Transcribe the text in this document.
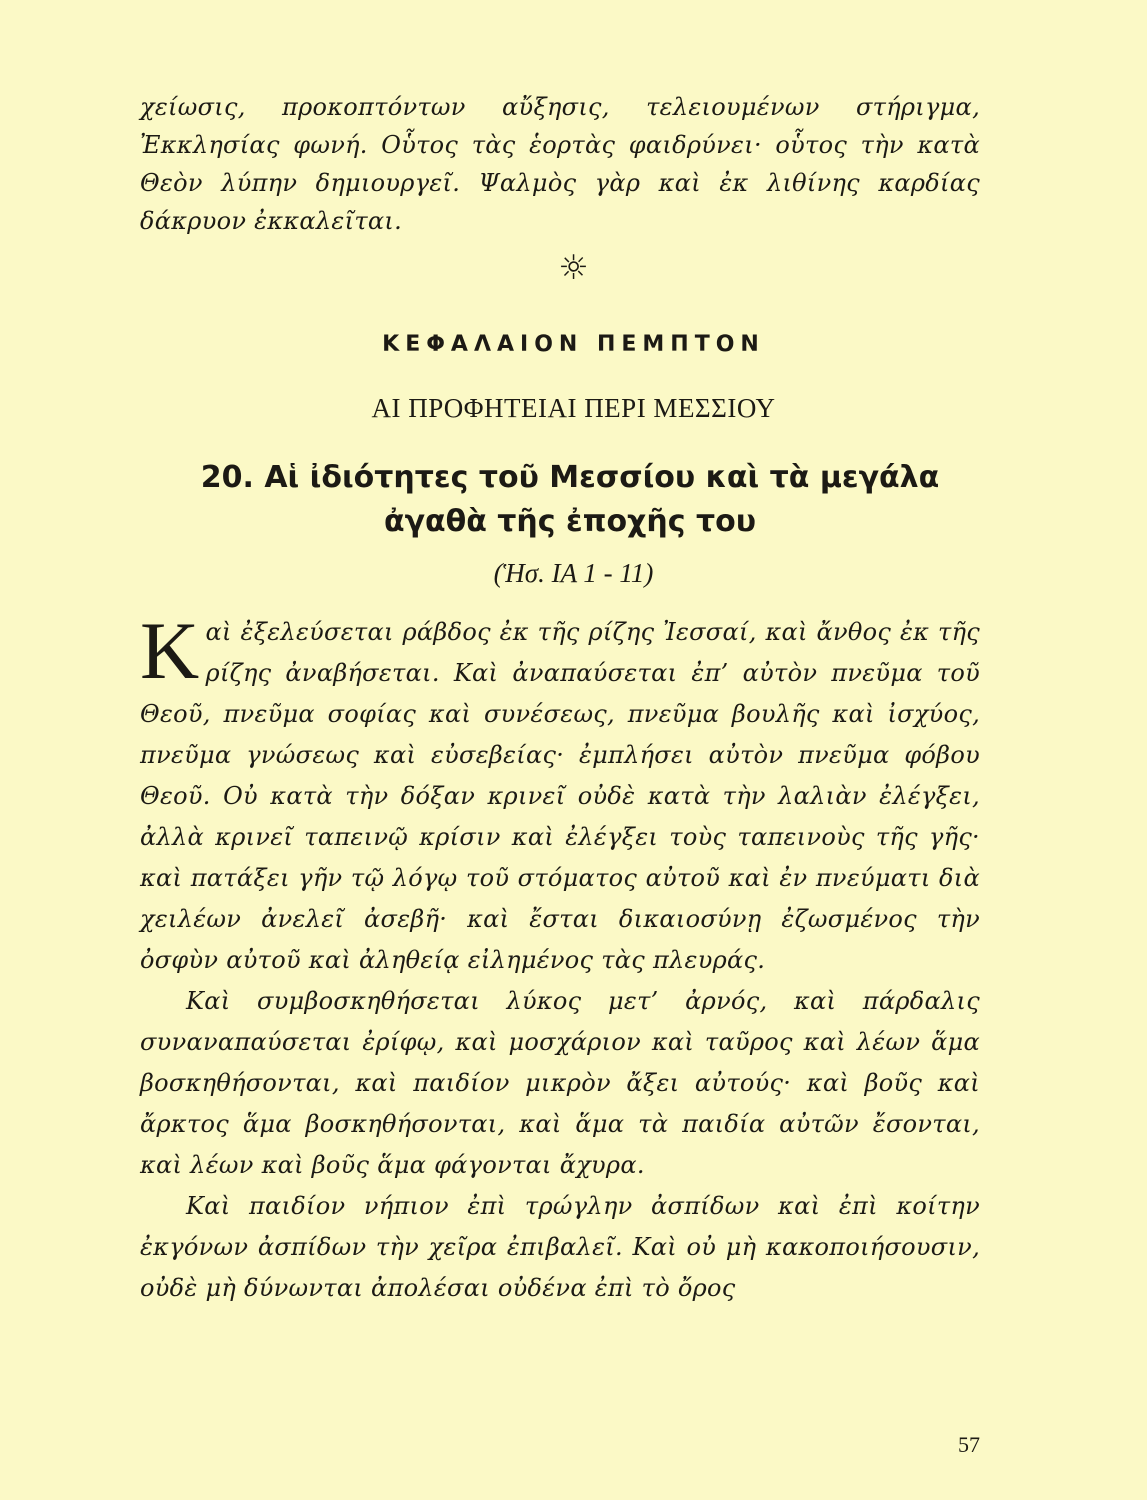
χείωσις, προκοπτόντων αὔξησις, τελειουμένων στήριγμα, Ἐκκλησίας φωνή. Οὗτος τὰς ἑορτὰς φαιδρύνει· οὗτος τὴν κατὰ Θεὸν λύπην δημιουργεῖ. Ψαλμὸς γὰρ καὶ ἐκ λιθίνης καρδίας δάκρυον ἐκκαλεῖται.
☼
ΚΕΦΑΛΑΙΟΝ ΠΕΜΠΤΟΝ
ΑΙ ΠΡΟΦΗΤΕΙΑΙ ΠΕΡΙ ΜΕΣΣΙΟΥ
20. Αἱ ἰδιότητες τοῦ Μεσσίου καὶ τὰ μεγάλα ἀγαθὰ τῆς ἐποχῆς του
(Ἡσ. ΙΑ 1 - 11)

Καὶ ἐξελεύσεται ράβδος ἐκ τῆς ρίζης Ἰεσσαί, καὶ ἄνθος ἐκ τῆς ρίζης ἀναβήσεται. Καὶ ἀναπαύσεται ἐπ’ αὐτὸν πνεῦμα τοῦ Θεοῦ, πνεῦμα σοφίας καὶ συνέσεως, πνεῦμα βουλῆς καὶ ἰσχύος, πνεῦμα γνώσεως καὶ εὐσεβείας· ἐμπλήσει αὐτὸν πνεῦμα φόβου Θεοῦ. Οὐ κατὰ τὴν δόξαν κρινεῖ οὐδὲ κατὰ τὴν λαλιὰν ἐλέγξει, ἀλλὰ κρινεῖ ταπεινῷ κρίσιν καὶ ἐλέγξει τοὺς ταπεινοὺς τῆς γῆς· καὶ πατάξει γῆν τῷ λόγῳ τοῦ στόματος αὐτοῦ καὶ ἐν πνεύματι διὰ χειλέων ἀνελεῖ ἀσεβῆ· καὶ ἔσται δικαιοσύνῃ ἐζωσμένος τὴν ὀσφὺν αὐτοῦ καὶ ἀληθείᾳ εἰλημένος τὰς πλευράς.

Καὶ συμβοσκηθήσεται λύκος μετ’ ἀρνός, καὶ πάρδαλις συναναπαύσεται ἐρίφῳ, καὶ μοσχάριον καὶ ταῦρος καὶ λέων ἅμα βοσκηθήσονται, καὶ παιδίον μικρὸν ἄξει αὐτούς· καὶ βοῦς καὶ ἄρκτος ἅμα βοσκηθήσονται, καὶ ἅμα τὰ παιδία αὐτῶν ἔσονται, καὶ λέων καὶ βοῦς ἅμα φάγονται ἄχυρα.

Καὶ παιδίον νήπιον ἐπὶ τρώγλην ἀσπίδων καὶ ἐπὶ κοίτην ἐκγόνων ἀσπίδων τὴν χεῖρα ἐπιβαλεῖ. Καὶ οὐ μὴ κακοποιήσουσιν, οὐδὲ μὴ δύνωνται ἀπολέσαι οὐδένα ἐπὶ τὸ ὄρος

57
